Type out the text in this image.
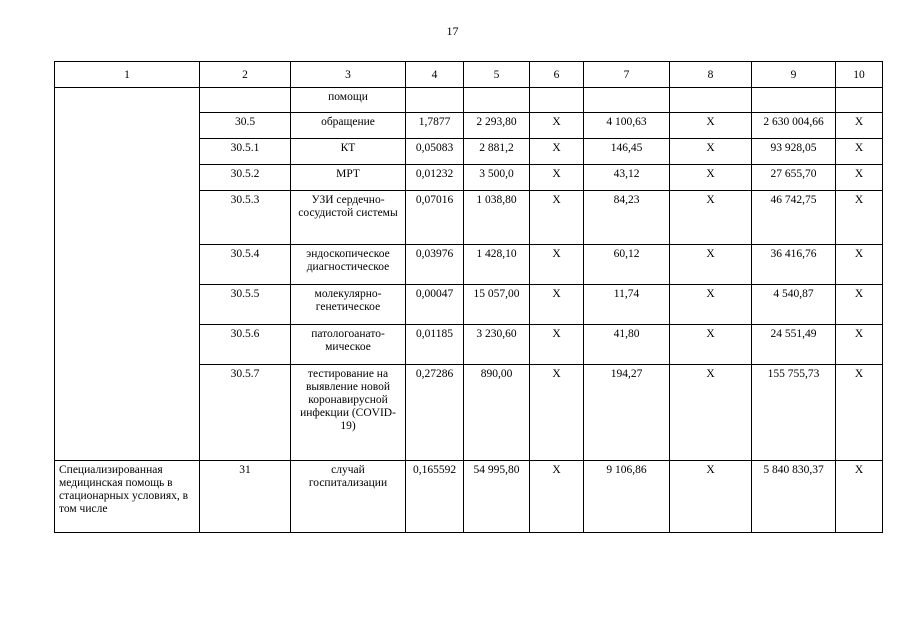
17
1	2	3	4	5	6	7	8	9	10
		помощи							
	30.5	обращение	1,7877	2 293,80	Х	4 100,63	Х	2 630 004,66	Х
	30.5.1	КТ	0,05083	2 881,2	Х	146,45	Х	93 928,05	Х
	30.5.2	МРТ	0,01232	3 500,0	Х	43,12	Х	27 655,70	Х
	30.5.3	УЗИ сердечно-сосудистой системы	0,07016	1 038,80	Х	84,23	Х	46 742,75	Х
	30.5.4	эндоскопическое диагностическое	0,03976	1 428,10	Х	60,12	Х	36 416,76	Х
	30.5.5	молекулярно-генетическое	0,00047	15 057,00	Х	11,74	Х	4 540,87	Х
	30.5.6	патологоанато-мическое	0,01185	3 230,60	Х	41,80	Х	24 551,49	Х
	30.5.7	тестирование на выявление новой коронавирусной инфекции (COVID-19)	0,27286	890,00	Х	194,27	Х	155 755,73	Х
Специализированная медицинская помощь в стационарных условиях, в том числе	31	случай госпитализации	0,165592	54 995,80	Х	9 106,86	Х	5 840 830,37	Х
